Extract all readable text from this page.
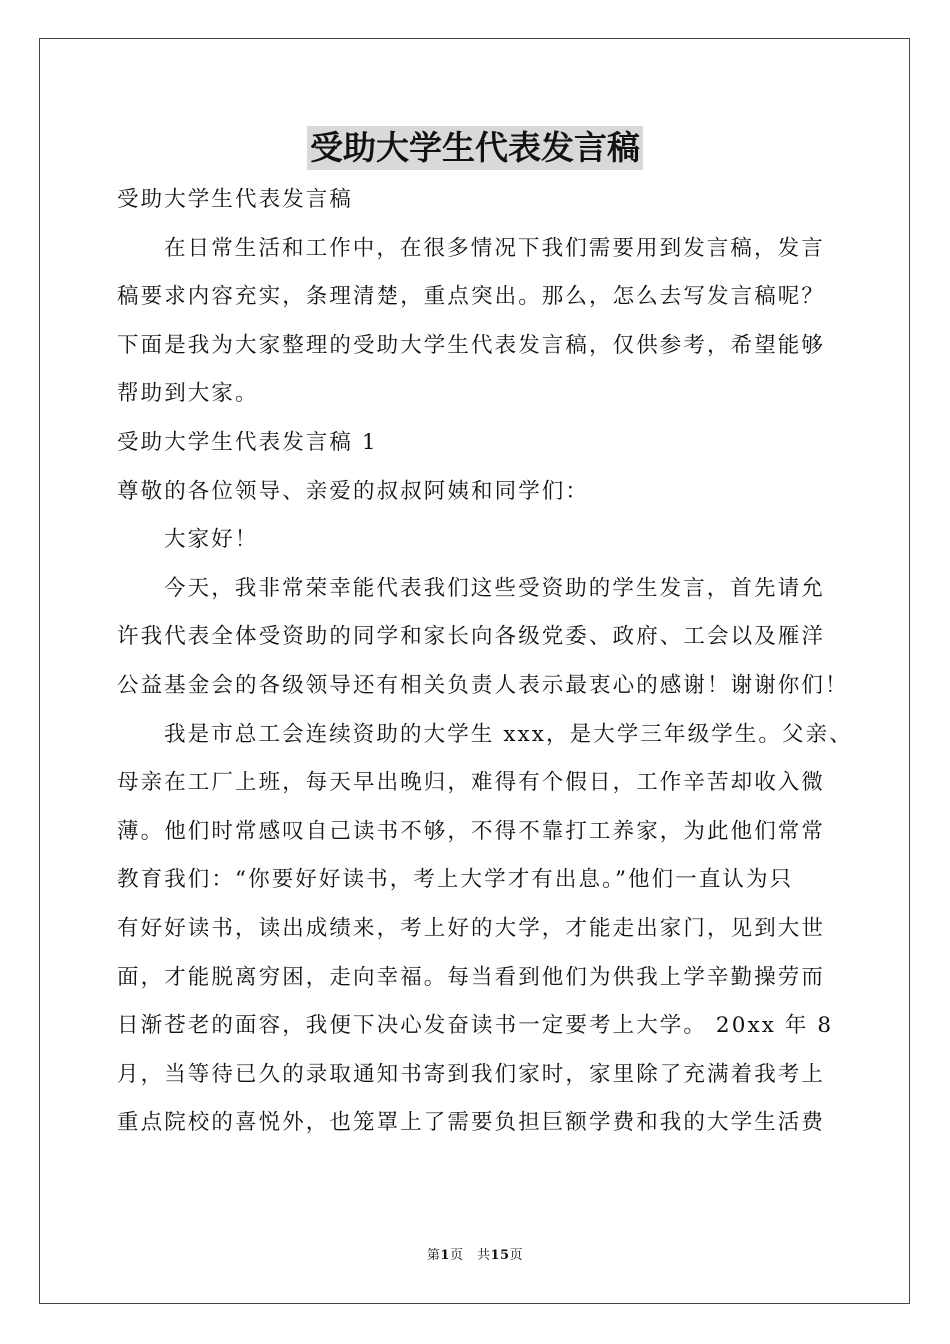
受助大学生代表发言稿
受助大学生代表发言稿
在日常生活和工作中，在很多情况下我们需要用到发言稿，发言
稿要求内容充实，条理清楚，重点突出。那么，怎么去写发言稿呢？
下面是我为大家整理的受助大学生代表发言稿，仅供参考，希望能够
帮助到大家。
受助大学生代表发言稿 1
尊敬的各位领导、亲爱的叔叔阿姨和同学们：
大家好！
今天，我非常荣幸能代表我们这些受资助的学生发言，首先请允
许我代表全体受资助的同学和家长向各级党委、政府、工会以及雁洋
公益基金会的各级领导还有相关负责人表示最衷心的感谢！谢谢你们！
我是市总工会连续资助的大学生 xxx，是大学三年级学生。父亲、
母亲在工厂上班，每天早出晚归，难得有个假日，工作辛苦却收入微
薄。他们时常感叹自己读书不够，不得不靠打工养家，为此他们常常
教育我们：“你要好好读书，考上大学才有出息。”他们一直认为只
有好好读书，读出成绩来，考上好的大学，才能走出家门，见到大世
面，才能脱离穷困，走向幸福。每当看到他们为供我上学辛勤操劳而
日渐苍老的面容，我便下决心发奋读书一定要考上大学。 20xx 年 8
月，当等待已久的录取通知书寄到我们家时，家里除了充满着我考上
重点院校的喜悦外，也笼罩上了需要负担巨额学费和我的大学生活费
第1页　共15页
